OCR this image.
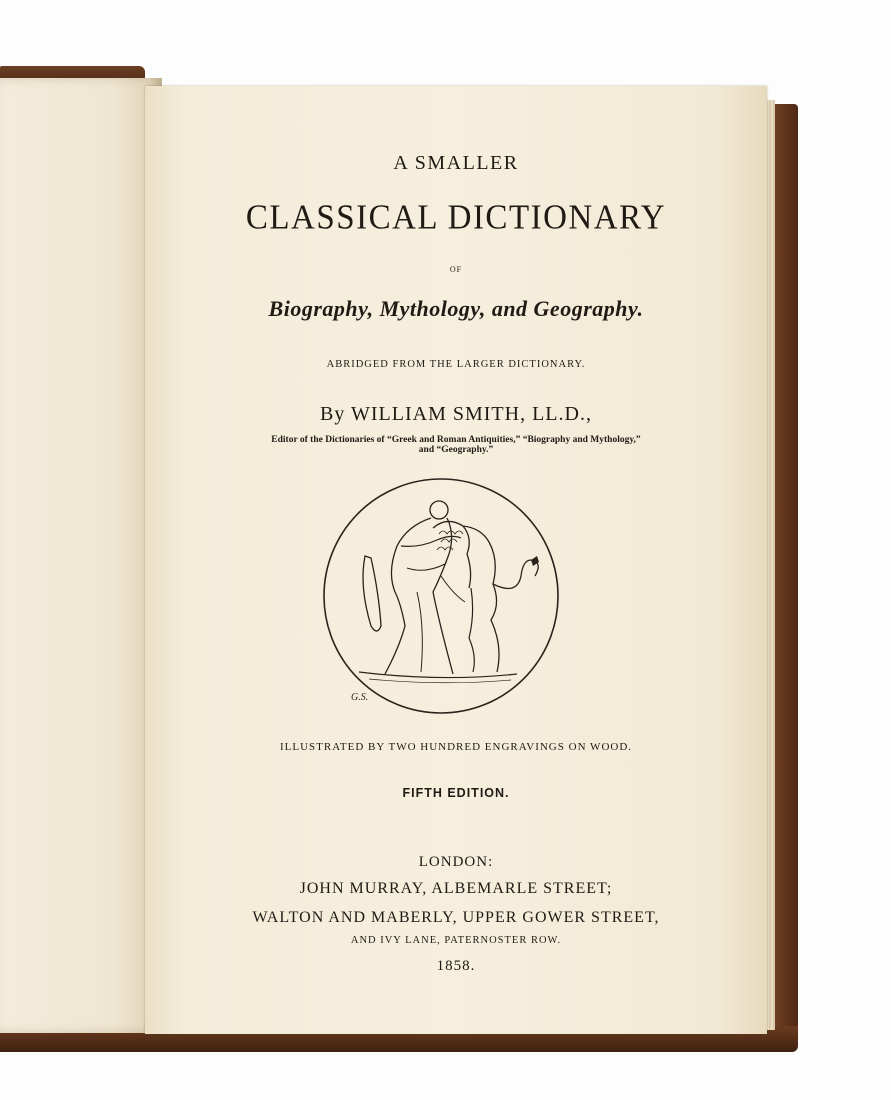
A SMALLER
CLASSICAL DICTIONARY
OF
Biography, Mythology, and Geography.
ABRIDGED FROM THE LARGER DICTIONARY.
By WILLIAM SMITH, LL.D.,
Editor of the Dictionaries of “Greek and Roman Antiquities,” “Biography and Mythology,”
and “Geography.”
G.S.
ILLUSTRATED BY TWO HUNDRED ENGRAVINGS ON WOOD.
FIFTH EDITION.
LONDON:
JOHN MURRAY, ALBEMARLE STREET;
WALTON AND MABERLY, UPPER GOWER STREET,
AND IVY LANE, PATERNOSTER ROW.
1858.
